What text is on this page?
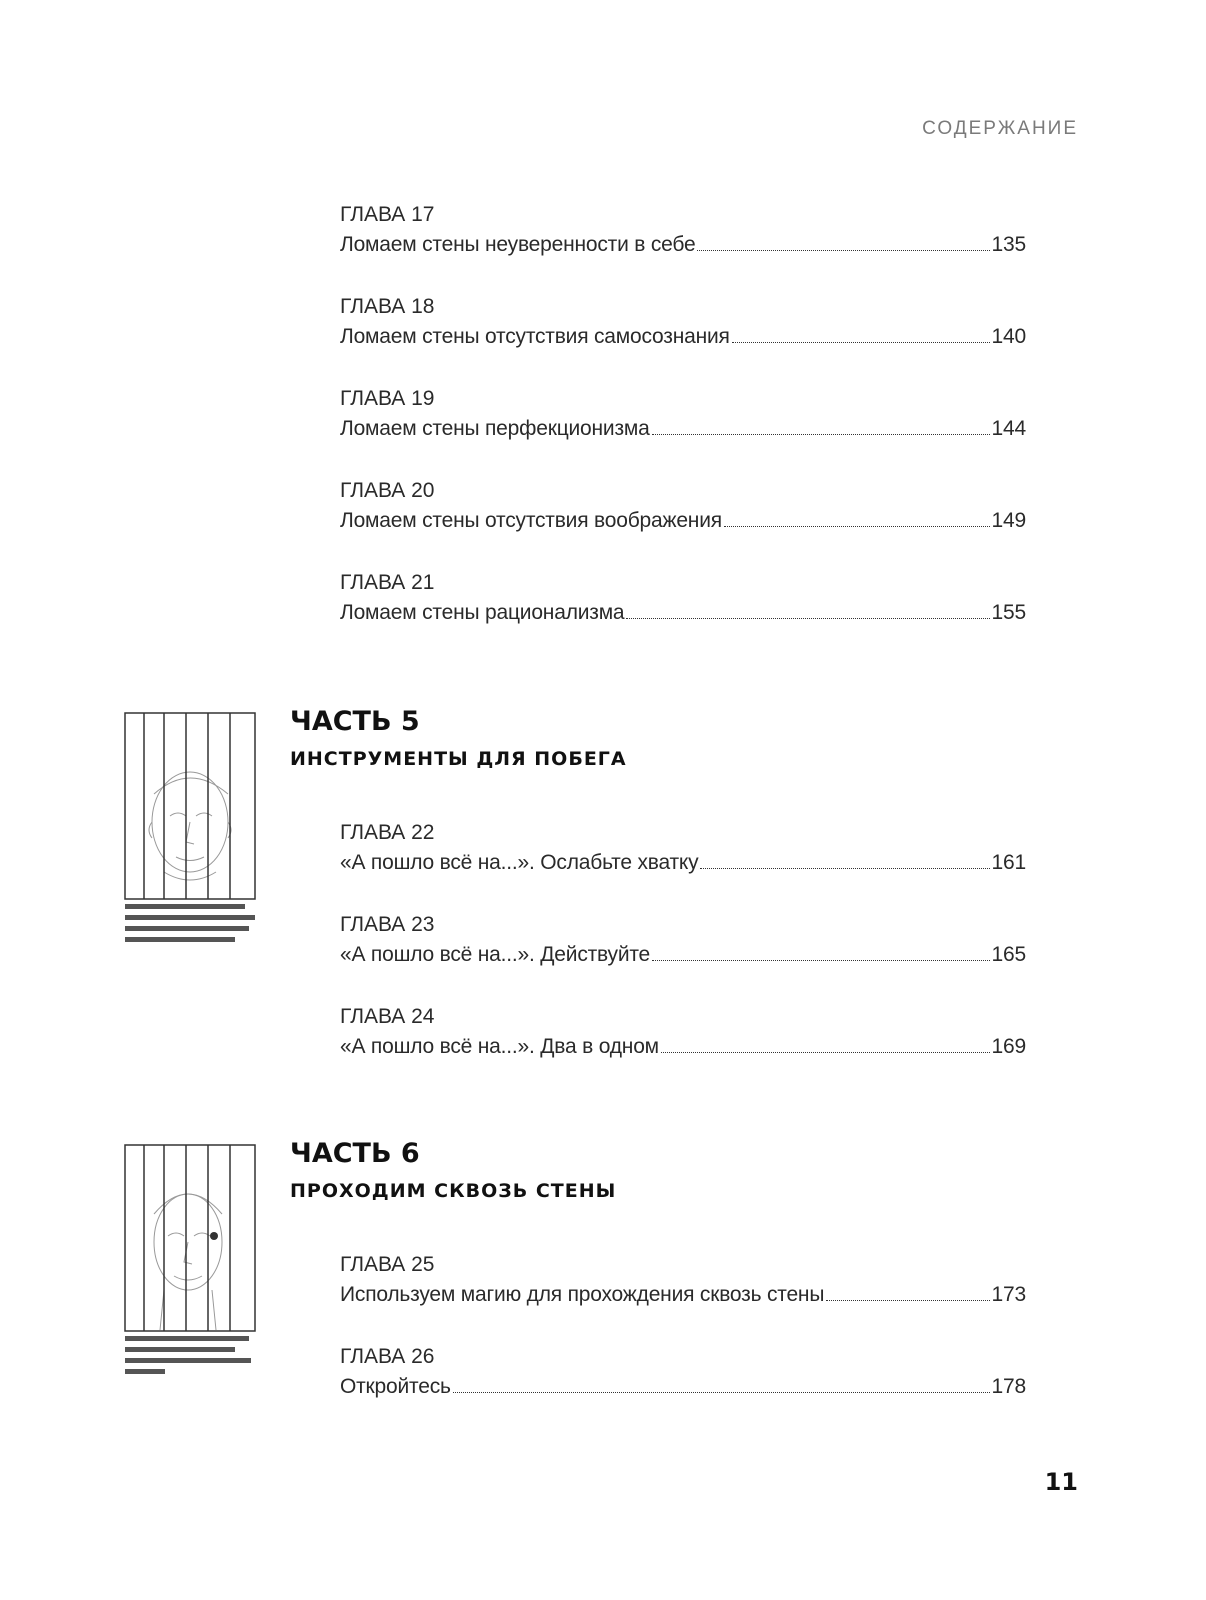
СОДЕРЖАНИЕ
ГЛАВА 17
Ломаем стены неуверенности в себе	135
ГЛАВА 18
Ломаем стены отсутствия самосознания	140
ГЛАВА 19
Ломаем стены перфекционизма	144
ГЛАВА 20
Ломаем стены отсутствия воображения	149
ГЛАВА 21
Ломаем стены рационализма	155
ЧАСТЬ 5
ИНСТРУМЕНТЫ ДЛЯ ПОБЕГА
ГЛАВА 22
«А пошло всё на...». Ослабьте хватку	161
ГЛАВА 23
«А пошло всё на...». Действуйте	165
ГЛАВА 24
«А пошло всё на...». Два в одном	169
ЧАСТЬ 6
ПРОХОДИМ СКВОЗЬ СТЕНЫ
ГЛАВА 25
Используем магию для прохождения сквозь стены	173
ГЛАВА 26
Откройтесь	178
11
